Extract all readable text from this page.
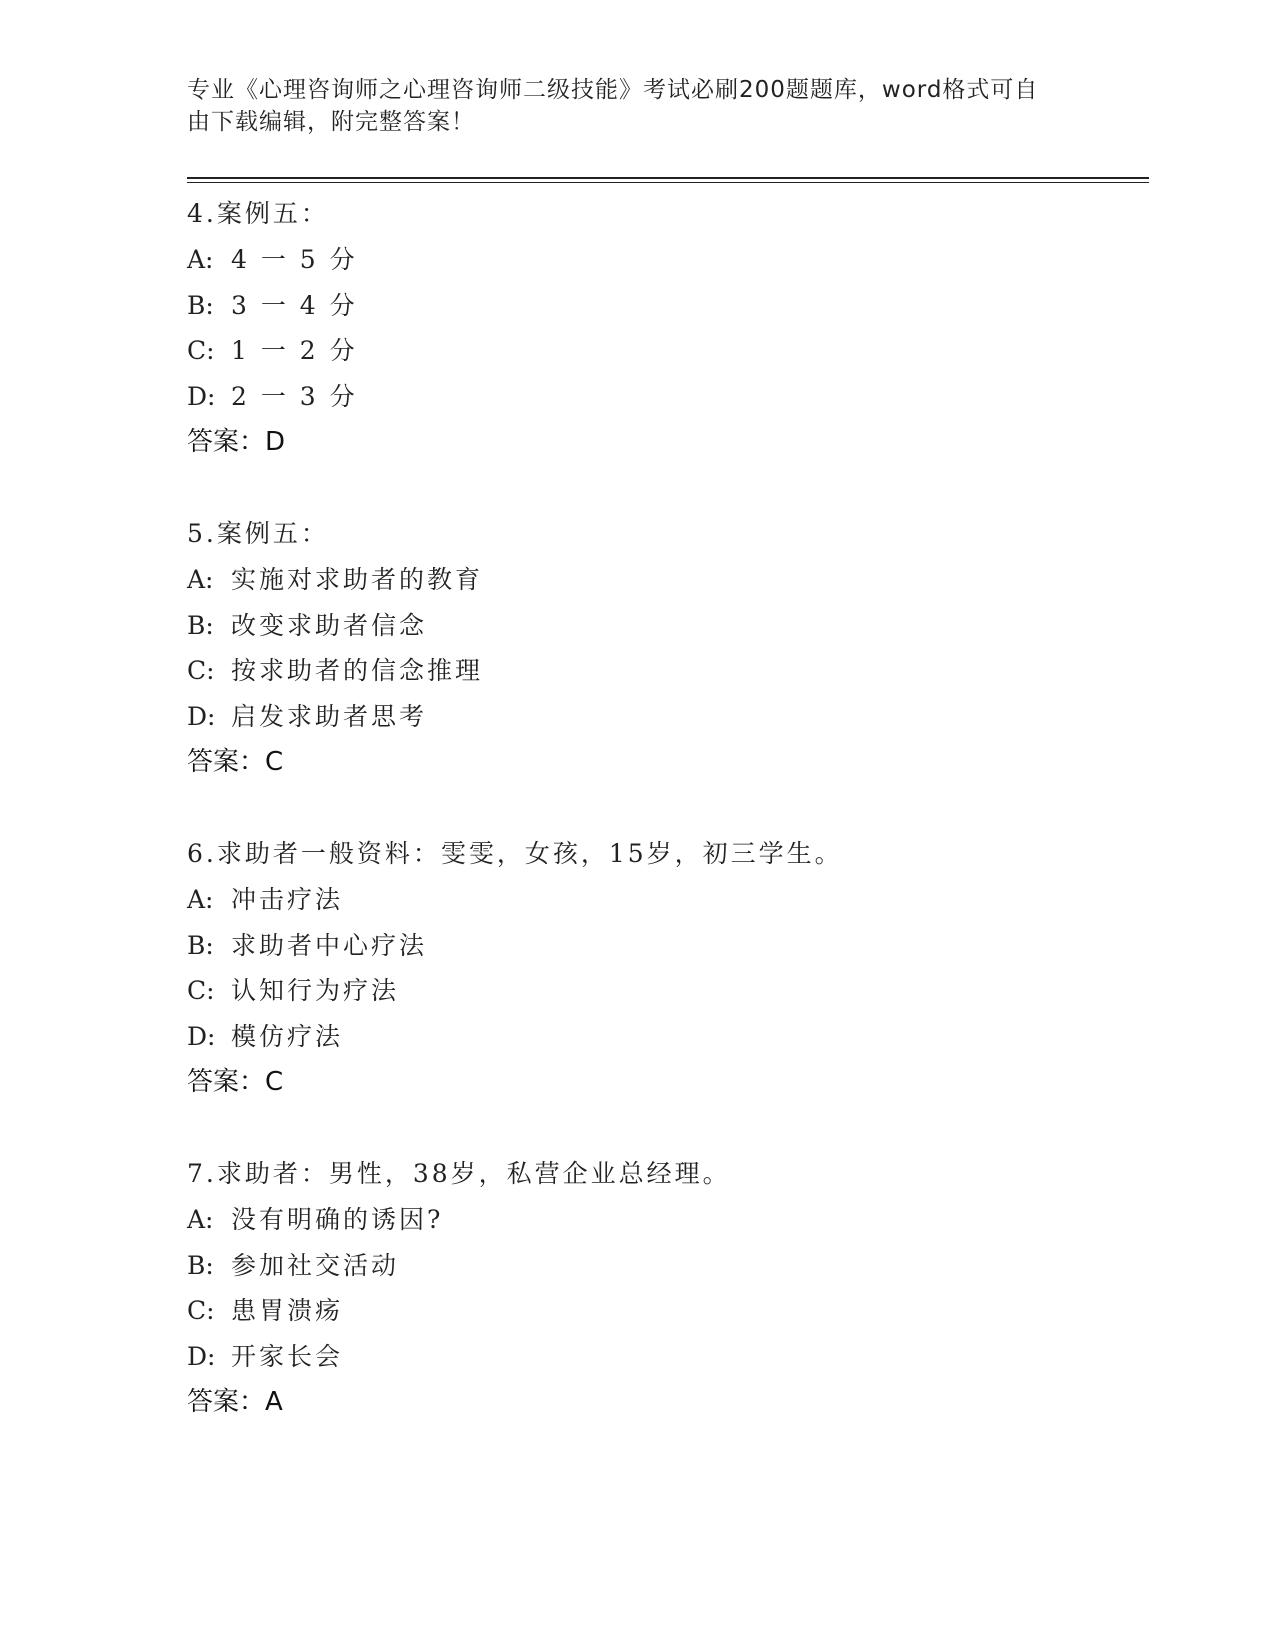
专业《心理咨询师之心理咨询师二级技能》考试必刷200题题库，word格式可自
由下载编辑，附完整答案！
4.案例五：
A: 4 一 5 分
B: 3 一 4 分
C: 1 一 2 分
D: 2 一 3 分
答案：D
5.案例五：
A: 实施对求助者的教育
B: 改变求助者信念
C: 按求助者的信念推理
D: 启发求助者思考
答案：C
6.求助者一般资料：雯雯，女孩，15岁，初三学生。
A: 冲击疗法
B: 求助者中心疗法
C: 认知行为疗法
D: 模仿疗法
答案：C
7.求助者：男性，38岁，私营企业总经理。
A: 没有明确的诱因?
B: 参加社交活动
C: 患胃溃疡
D: 开家长会
答案：A
